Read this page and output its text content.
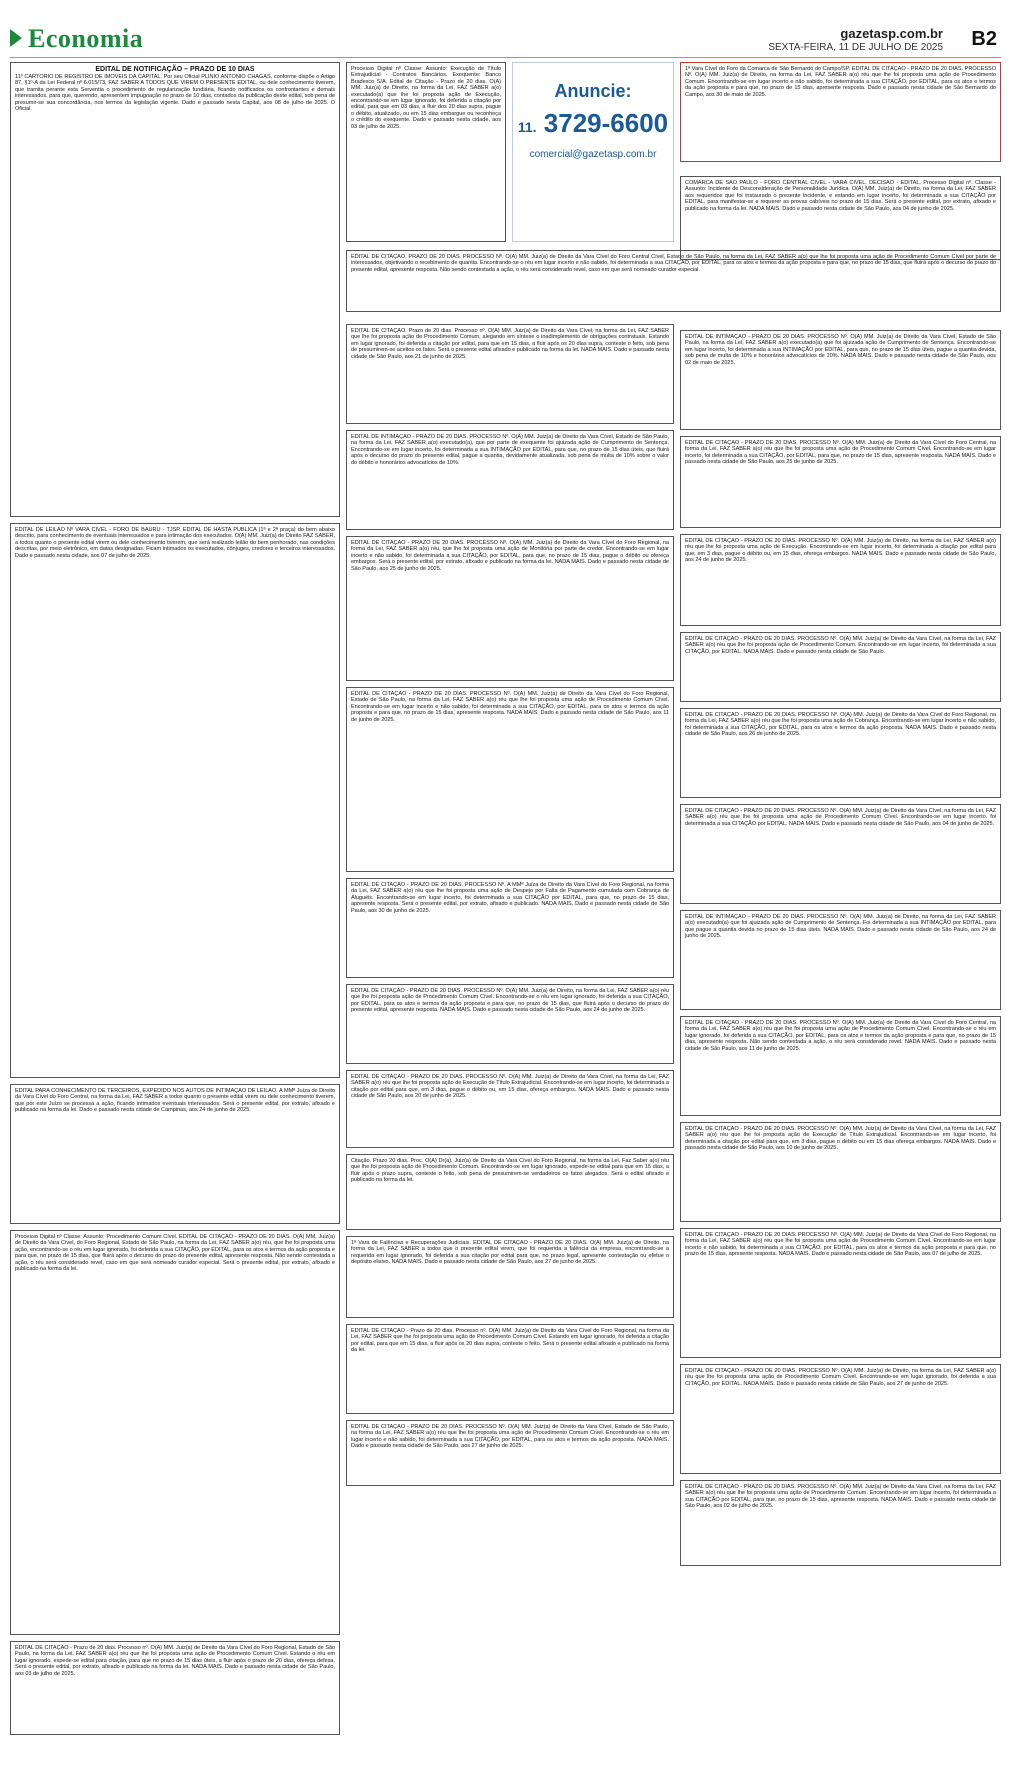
Economia	gazetasp.com.br
SEXTA-FEIRA, 11 DE JULHO DE 2025 B2
EDITAL DE NOTIFICAÇÃO – PRAZO DE 10 DIAS
11º CARTÓRIO DE REGISTRO DE IMÓVEIS DA CAPITAL. Por seu Oficial PLINIO ANTONIO CHAGAS, conforme dispõe o Artigo 87, §1º-A da Lei Federal nº 6.015/73, FAZ SABER A TODOS QUE VIREM O PRESENTE EDITAL, ou dele conhecimento tiverem, que tramita perante esta Serventia o procedimento de regularização fundiária, ficando notificados os confrontantes e demais interessados, para que, querendo, apresentem impugnação no prazo de 10 dias, contados da publicação deste edital, sob pena de presumir-se sua concordância, nos termos da legislação vigente. Dado e passado nesta Capital, aos 08 de julho de 2025. O Oficial.
EDITAL DE LEILÃO Nº VARA CÍVEL - FORO DE BAURU - TJSP. EDITAL DE HASTA PÚBLICA (1ª e 2ª praça) do bem abaixo descrito, para conhecimento de eventuais interessados e para intimação dos executados. O(A) MM. Juiz(a) de Direito FAZ SABER, a todos quanto o presente edital virem ou dele conhecimento tiverem, que será realizado leilão do bem penhorado, nas condições descritas, por meio eletrônico, em datas designadas. Ficam intimados os executados, cônjuges, credores e terceiros interessados. Dado e passado nesta cidade, aos 07 de julho de 2025.
EDITAL PARA CONHECIMENTO DE TERCEIROS, EXPEDIDO NOS AUTOS DE INTIMAÇÃO DE LEILÃO. A MMª Juíza de Direito da Vara Cível do Foro Central, na forma da Lei, FAZ SABER a todos quanto o presente edital virem ou dele conhecimento tiverem, que por este Juízo se processa a ação, ficando intimados eventuais interessados. Será o presente edital, por extrato, afixado e publicado na forma da lei. Dado e passado nesta cidade de Campinas, aos 24 de junho de 2025.
Processo Digital nº Classe: Assunto: Procedimento Comum Cível. EDITAL DE CITAÇÃO - PRAZO DE 20 DIAS. O(A) MM. Juiz(a) de Direito da Vara Cível, do Foro Regional, Estado de São Paulo, na forma da Lei, FAZ SABER a(o) réu, que lhe foi proposta uma ação, encontrando-se o réu em lugar ignorado, foi deferida a sua CITAÇÃO, por EDITAL, para os atos e termos da ação proposta e para que, no prazo de 15 dias, que fluirá após o decurso do prazo do presente edital, apresente resposta. Não sendo contestada a ação, o réu será considerado revel, caso em que será nomeado curador especial. Será o presente edital, por extrato, afixado e publicado na forma da lei.
EDITAL DE CITAÇÃO - Prazo de 20 dias. Processo nº. O(A) MM. Juiz(a) de Direito da Vara Cível do Foro Regional, Estado de São Paulo, na forma da Lei, FAZ SABER a(o) réu que lhe foi proposta uma ação de Procedimento Comum Cível. Estando o réu em lugar ignorado, expede-se edital para citação, para que no prazo de 15 dias úteis, a fluir após o prazo de 20 dias, ofereça defesa. Será o presente edital, por extrato, afixado e publicado na forma da lei. NADA MAIS. Dado e passado nesta cidade de São Paulo, aos 03 de julho de 2025.
Processo Digital nº Classe: Assunto: Execução de Título Extrajudicial - Contratos Bancários. Exequente: Banco Bradesco S/A. Edital de Citação - Prazo de 20 dias. O(A) MM. Juiz(a) de Direito, na forma da Lei, FAZ SABER a(o) executado(a) que lhe foi proposta ação de Execução, encontrando-se em lugar ignorado, foi deferida a citação por edital, para que em 03 dias, a fluir dos 20 dias supra, pague o débito, atualizado, ou em 15 dias embargue ou reconheça o crédito do exequente. Dado e passado nesta cidade, aos 03 de julho de 2025.
Anuncie:
11. 3729-6600
comercial@gazetasp.com.br
EDITAL DE CITAÇÃO. PRAZO DE 20 DIAS. PROCESSO Nº. O(A) MM. Juiz(a) de Direito da Vara Cível do Foro Central Cível, Estado de São Paulo, na forma da Lei, FAZ SABER a(o) que lhe foi proposta uma ação de Procedimento Comum Cível por parte de interessados, objetivando o recebimento de quantia. Encontrando-se o réu em lugar incerto e não sabido, foi determinada a sua CITAÇÃO, por EDITAL, para os atos e termos da ação proposta e para que, no prazo de 15 dias, que fluirá após o decurso do prazo do presente edital, apresente resposta. Não sendo contestada a ação, o réu será considerado revel, caso em que será nomeado curador especial.
EDITAL DE CITAÇÃO. Prazo de 20 dias. Processo nº. O(A) MM. Juiz(a) de Direito da Vara Cível, na forma da Lei, FAZ SABER que lhe foi proposta ação de Procedimento Comum, alegando em síntese o inadimplemento de obrigações contratuais. Estando em lugar ignorado, foi deferida a citação por edital, para que em 15 dias, a fluir após os 20 dias supra, conteste o feito, sob pena de presumirem-se aceitos os fatos. Será o presente edital afixado e publicado na forma da lei. NADA MAIS. Dado e passado nesta cidade de São Paulo, aos 21 de junho de 2025.
EDITAL DE INTIMAÇÃO - PRAZO DE 20 DIAS. PROCESSO Nº. O(A) MM. Juiz(a) de Direito da Vara Cível, Estado de São Paulo, na forma da Lei, FAZ SABER a(o) executado(a), que por parte de exequente foi ajuizada ação de Cumprimento de Sentença. Encontrando-se em lugar incerto, foi determinada a sua INTIMAÇÃO por EDITAL, para que, no prazo de 15 dias úteis, que fluirá após o decurso do prazo do presente edital, pague a quantia, devidamente atualizada, sob pena de multa de 10% sobre o valor do débito e honorários advocatícios de 10%.
EDITAL DE CITAÇÃO - PRAZO DE 20 DIAS. PROCESSO Nº. O(A) MM. Juiz(a) de Direito da Vara Cível do Foro Regional, na forma da Lei, FAZ SABER a(o) réu, que lhe foi proposta uma ação de Monitória por parte de credor. Encontrando-se em lugar incerto e não sabido, foi determinada a sua CITAÇÃO, por EDITAL, para que, no prazo de 15 dias, pague o débito ou ofereça embargos. Será o presente edital, por extrato, afixado e publicado na forma da lei. NADA MAIS. Dado e passado nesta cidade de São Paulo, aos 25 de junho de 2025.
EDITAL DE CITAÇÃO - PRAZO DE 20 DIAS. PROCESSO Nº. O(A) MM. Juiz(a) de Direito da Vara Cível do Foro Regional, Estado de São Paulo, na forma da Lei, FAZ SABER a(o) réu que lhe foi proposta uma ação de Procedimento Comum Cível. Encontrando-se em lugar incerto e não sabido, foi determinada a sua CITAÇÃO, por EDITAL, para os atos e termos da ação proposta e para que, no prazo de 15 dias, apresente resposta. NADA MAIS. Dado e passado nesta cidade de São Paulo, aos 11 de junho de 2025.
EDITAL DE CITAÇÃO - PRAZO DE 20 DIAS. PROCESSO Nº. A MMª Juíza de Direito da Vara Cível do Foro Regional, na forma da Lei, FAZ SABER a(o) réu que lhe foi proposta uma ação de Despejo por Falta de Pagamento cumulada com Cobrança de Aluguéis. Encontrando-se em lugar incerto, foi determinada a sua CITAÇÃO por EDITAL, para que, no prazo de 15 dias, apresente resposta. Será o presente edital, por extrato, afixado e publicado. NADA MAIS. Dado e passado nesta cidade de São Paulo, aos 30 de junho de 2025.
EDITAL DE CITAÇÃO - PRAZO DE 20 DIAS. PROCESSO Nº. O(A) MM. Juiz(a) de Direito, na forma da Lei, FAZ SABER a(o) réu que lhe foi proposta ação de Procedimento Comum Cível. Encontrando-se o réu em lugar ignorado, foi deferida a sua CITAÇÃO, por EDITAL, para os atos e termos da ação proposta e para que, no prazo de 15 dias, que fluirá após o decurso do prazo do presente edital, apresente resposta. NADA MAIS. Dado e passado nesta cidade de São Paulo, aos 24 de junho de 2025.
EDITAL DE CITAÇÃO - PRAZO DE 20 DIAS. PROCESSO Nº. O(A) MM. Juiz(a) de Direito da Vara Cível, na forma da Lei, FAZ SABER a(o) réu que lhe foi proposta ação de Execução de Título Extrajudicial. Encontrando-se em lugar incerto, foi determinada a citação por edital para que, em 3 dias, pague o débito ou, em 15 dias, ofereça embargos. NADA MAIS. Dado e passado nesta cidade de São Paulo, aos 20 de junho de 2025.
Citação. Prazo 20 dias. Proc. O(A) Dr(a). Juiz(a) de Direito da Vara Cível do Foro Regional, na forma da Lei, Faz Saber a(o) réu que lhe foi proposta ação de Procedimento Comum. Encontrando-se em lugar ignorado, expede-se edital para que em 15 dias, a fluir após o prazo supra, conteste o feito, sob pena de presumirem-se verdadeiros os fatos alegados. Será o edital afixado e publicado na forma da lei.
1ª Vara de Falências e Recuperações Judiciais. EDITAL DE CITAÇÃO - PRAZO DE 20 DIAS. O(A) MM. Juiz(a) de Direito, na forma da Lei, FAZ SABER a todos que o presente edital virem, que foi requerida a falência da empresa, encontrando-se a requerida em lugar ignorado, foi deferida a sua citação por edital para que, no prazo legal, apresente contestação ou efetue o depósito elisivo. NADA MAIS. Dado e passado nesta cidade de São Paulo, aos 27 de junho de 2025.
EDITAL DE CITAÇÃO - Prazo de 20 dias. Processo nº. O(A) MM. Juiz(a) de Direito da Vara Cível do Foro Regional, na forma da Lei, FAZ SABER que lhe foi proposta uma ação de Procedimento Comum Cível. Estando em lugar ignorado, foi deferida a citação por edital, para que em 15 dias, a fluir após os 20 dias supra, conteste o feito. Será o presente edital afixado e publicado na forma da lei.
EDITAL DE CITAÇÃO - PRAZO DE 20 DIAS. PROCESSO Nº. O(A) MM. Juiz(a) de Direito da Vara Cível, Estado de São Paulo, na forma da Lei, FAZ SABER a(o) réu que lhe foi proposta uma ação de Procedimento Comum Cível. Encontrando-se o réu em lugar incerto e não sabido, foi determinada a sua CITAÇÃO, por EDITAL, para os atos e termos da ação proposta. NADA MAIS. Dado e passado nesta cidade de São Paulo, aos 27 de junho de 2025.
1ª Vara Cível do Foro da Comarca de São Bernardo do Campo/SP. EDITAL DE CITAÇÃO - PRAZO DE 20 DIAS. PROCESSO Nº. O(A) MM. Juiz(a) de Direito, na forma da Lei, FAZ SABER a(o) réu que lhe foi proposta uma ação de Procedimento Comum. Encontrando-se em lugar incerto e não sabido, foi determinada a sua CITAÇÃO, por EDITAL, para os atos e termos da ação proposta e para que, no prazo de 15 dias, apresente resposta. Dado e passado nesta cidade de São Bernardo do Campo, aos 30 de maio de 2025.
COMARCA DE SÃO PAULO - FORO CENTRAL CÍVEL - VARA CÍVEL. DECISÃO - EDITAL. Processo Digital nº. Classe - Assunto: Incidente de Desconsideração de Personalidade Jurídica. O(A) MM. Juiz(a) de Direito, na forma da Lei, FAZ SABER aos requeridos que foi instaurado o presente incidente, e estando em lugar incerto, foi determinada a sua CITAÇÃO por EDITAL, para manifestar-se e requerer as provas cabíveis no prazo de 15 dias. Será o presente edital, por extrato, afixado e publicado na forma da lei. NADA MAIS. Dado e passado nesta cidade de São Paulo, aos 04 de junho de 2025.
EDITAL DE INTIMAÇÃO - PRAZO DE 20 DIAS. PROCESSO Nº. O(A) MM. Juiz(a) de Direito da Vara Cível, Estado de São Paulo, na forma da Lei, FAZ SABER a(o) executado(a) que foi ajuizada ação de Cumprimento de Sentença. Encontrando-se em lugar incerto, foi determinada a sua INTIMAÇÃO por EDITAL, para que, no prazo de 15 dias úteis, pague a quantia devida, sob pena de multa de 10% e honorários advocatícios de 10%. NADA MAIS. Dado e passado nesta cidade de São Paulo, aos 02 de maio de 2025.
EDITAL DE CITAÇÃO - PRAZO DE 20 DIAS. PROCESSO Nº. O(A) MM. Juiz(a) de Direito da Vara Cível do Foro Central, na forma da Lei, FAZ SABER a(o) réu que lhe foi proposta uma ação de Procedimento Comum Cível. Encontrando-se em lugar incerto, foi determinada a sua CITAÇÃO, por EDITAL, para que, no prazo de 15 dias, apresente resposta. NADA MAIS. Dado e passado nesta cidade de São Paulo, aos 25 de junho de 2025.
EDITAL DE CITAÇÃO - PRAZO DE 20 DIAS. PROCESSO Nº. O(A) MM. Juiz(a) de Direito, na forma da Lei, FAZ SABER a(o) réu que lhe foi proposta uma ação de Execução. Encontrando-se em lugar incerto, foi determinada a citação por edital para que, em 3 dias, pague o débito ou, em 15 dias, ofereça embargos. NADA MAIS. Dado e passado nesta cidade de São Paulo, aos 24 de junho de 2025.
EDITAL DE CITAÇÃO - PRAZO DE 20 DIAS. PROCESSO Nº. O(A) MM. Juiz(a) de Direito da Vara Cível, na forma da Lei, FAZ SABER a(o) réu que lhe foi proposta ação de Procedimento Comum. Encontrando-se em lugar incerto, foi determinada a sua CITAÇÃO, por EDITAL. NADA MAIS. Dado e passado nesta cidade de São Paulo.
EDITAL DE CITAÇÃO - PRAZO DE 20 DIAS. PROCESSO Nº. O(A) MM. Juiz(a) de Direito da Vara Cível do Foro Regional, na forma da Lei, FAZ SABER a(o) réu que lhe foi proposta uma ação de Cobrança. Encontrando-se em lugar incerto e não sabido, foi determinada a sua CITAÇÃO, por EDITAL, para os atos e termos da ação proposta. NADA MAIS. Dado e passado nesta cidade de São Paulo, aos 26 de junho de 2025.
EDITAL DE CITAÇÃO - PRAZO DE 20 DIAS. PROCESSO Nº. O(A) MM. Juiz(a) de Direito da Vara Cível, na forma da Lei, FAZ SABER a(o) réu que lhe foi proposta uma ação de Procedimento Comum Cível. Encontrando-se em lugar incerto, foi determinada a sua CITAÇÃO por EDITAL. NADA MAIS. Dado e passado nesta cidade de São Paulo, aos 04 de junho de 2025.
EDITAL DE INTIMAÇÃO - PRAZO DE 20 DIAS. PROCESSO Nº. O(A) MM. Juiz(a) de Direito, na forma da Lei, FAZ SABER a(o) executado(a) que foi ajuizada ação de Cumprimento de Sentença. Foi determinada a sua INTIMAÇÃO por EDITAL, para que pague a quantia devida no prazo de 15 dias úteis. NADA MAIS. Dado e passado nesta cidade de São Paulo, aos 24 de junho de 2025.
EDITAL DE CITAÇÃO - PRAZO DE 20 DIAS. PROCESSO Nº. O(A) MM. Juiz(a) de Direito da Vara Cível do Foro Central, na forma da Lei, FAZ SABER a(o) réu que lhe foi proposta uma ação de Procedimento Comum Cível. Encontrando-se o réu em lugar ignorado, foi deferida a sua CITAÇÃO, por EDITAL, para os atos e termos da ação proposta e para que, no prazo de 15 dias, apresente resposta. Não sendo contestada a ação, o réu será considerado revel. NADA MAIS. Dado e passado nesta cidade de São Paulo, aos 11 de junho de 2025.
EDITAL DE CITAÇÃO - PRAZO DE 20 DIAS. PROCESSO Nº. O(A) MM. Juiz(a) de Direito da Vara Cível, na forma da Lei, FAZ SABER a(o) réu que lhe foi proposta ação de Execução de Título Extrajudicial. Encontrando-se em lugar incerto, foi determinada a citação por edital para que, em 3 dias, pague o débito ou em 15 dias ofereça embargos. NADA MAIS. Dado e passado nesta cidade de São Paulo, aos 10 de junho de 2025.
EDITAL DE CITAÇÃO - PRAZO DE 20 DIAS. PROCESSO Nº. O(A) MM. Juiz(a) de Direito da Vara Cível do Foro Regional, na forma da Lei, FAZ SABER a(o) réu que lhe foi proposta uma ação de Procedimento Comum Cível. Encontrando-se em lugar incerto e não sabido, foi determinada a sua CITAÇÃO, por EDITAL, para os atos e termos da ação proposta e para que, no prazo de 15 dias, apresente resposta. NADA MAIS. Dado e passado nesta cidade de São Paulo, aos 07 de julho de 2025.
EDITAL DE CITAÇÃO - PRAZO DE 20 DIAS. PROCESSO Nº. O(A) MM. Juiz(a) de Direito, na forma da Lei, FAZ SABER a(o) réu que lhe foi proposta uma ação de Procedimento Comum Cível. Encontrando-se em lugar ignorado, foi deferida a sua CITAÇÃO, por EDITAL. NADA MAIS. Dado e passado nesta cidade de São Paulo, aos 27 de junho de 2025.
EDITAL DE CITAÇÃO - PRAZO DE 20 DIAS. PROCESSO Nº. O(A) MM. Juiz(a) de Direito da Vara Cível, na forma da Lei, FAZ SABER a(o) réu que lhe foi proposta uma ação de Procedimento Comum. Encontrando-se em lugar incerto, foi determinada a sua CITAÇÃO por EDITAL, para que, no prazo de 15 dias, apresente resposta. NADA MAIS. Dado e passado nesta cidade de São Paulo, aos 02 de julho de 2025.
